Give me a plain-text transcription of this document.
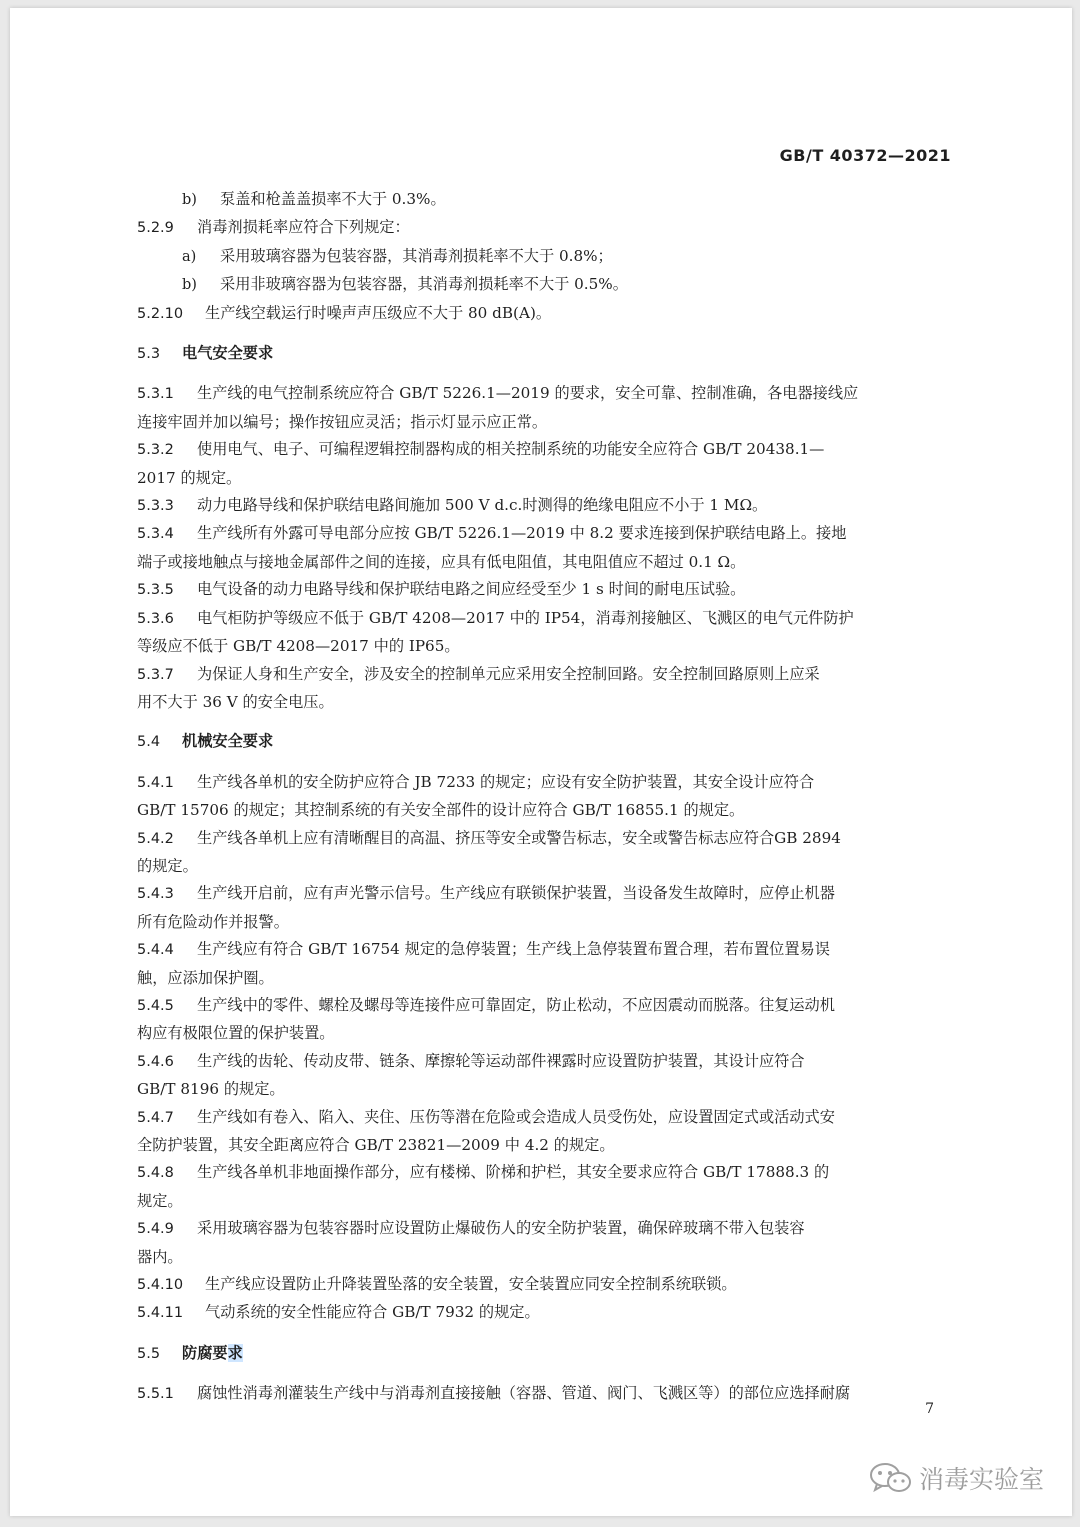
GB/T 40372—2021

b) 泵盖和枪盖盖损率不大于 0.3%。

5.2.9 消毒剂损耗率应符合下列规定：

a) 采用玻璃容器为包装容器，其消毒剂损耗率不大于 0.8%；

b) 采用非玻璃容器为包装容器，其消毒剂损耗率不大于 0.5%。

5.2.10 生产线空载运行时噪声声压级应不大于 80 dB(A)。

5.3 电气安全要求

5.3.1 生产线的电气控制系统应符合 GB/T 5226.1—2019 的要求，安全可靠、控制准确，各电器接线应

连接牢固并加以编号；操作按钮应灵活；指示灯显示应正常。

5.3.2 使用电气、电子、可编程逻辑控制器构成的相关控制系统的功能安全应符合 GB/T 20438.1—

2017 的规定。

5.3.3 动力电路导线和保护联结电路间施加 500 V d.c.时测得的绝缘电阻应不小于 1 MΩ。

5.3.4 生产线所有外露可导电部分应按 GB/T 5226.1—2019 中 8.2 要求连接到保护联结电路上。接地

端子或接地触点与接地金属部件之间的连接，应具有低电阻值，其电阻值应不超过 0.1 Ω。

5.3.5 电气设备的动力电路导线和保护联结电路之间应经受至少 1 s 时间的耐电压试验。

5.3.6 电气柜防护等级应不低于 GB/T 4208—2017 中的 IP54，消毒剂接触区、飞溅区的电气元件防护

等级应不低于 GB/T 4208—2017 中的 IP65。

5.3.7 为保证人身和生产安全，涉及安全的控制单元应采用安全控制回路。安全控制回路原则上应采

用不大于 36 V 的安全电压。

5.4 机械安全要求

5.4.1 生产线各单机的安全防护应符合 JB 7233 的规定；应设有安全防护装置，其安全设计应符合

GB/T 15706 的规定；其控制系统的有关安全部件的设计应符合 GB/T 16855.1 的规定。

5.4.2 生产线各单机上应有清晰醒目的高温、挤压等安全或警告标志，安全或警告标志应符合GB 2894

的规定。

5.4.3 生产线开启前，应有声光警示信号。生产线应有联锁保护装置，当设备发生故障时，应停止机器

所有危险动作并报警。

5.4.4 生产线应有符合 GB/T 16754 规定的急停装置；生产线上急停装置布置合理，若布置位置易误

触，应添加保护圈。

5.4.5 生产线中的零件、螺栓及螺母等连接件应可靠固定，防止松动，不应因震动而脱落。往复运动机

构应有极限位置的保护装置。

5.4.6 生产线的齿轮、传动皮带、链条、摩擦轮等运动部件裸露时应设置防护装置，其设计应符合

GB/T 8196 的规定。

5.4.7 生产线如有卷入、陷入、夹住、压伤等潜在危险或会造成人员受伤处，应设置固定式或活动式安

全防护装置，其安全距离应符合 GB/T 23821—2009 中 4.2 的规定。

5.4.8 生产线各单机非地面操作部分，应有楼梯、阶梯和护栏，其安全要求应符合 GB/T 17888.3 的

规定。

5.4.9 采用玻璃容器为包装容器时应设置防止爆破伤人的安全防护装置，确保碎玻璃不带入包装容

器内。

5.4.10 生产线应设置防止升降装置坠落的安全装置，安全装置应同安全控制系统联锁。

5.4.11 气动系统的安全性能应符合 GB/T 7932 的规定。

5.5 防腐要求

5.5.1 腐蚀性消毒剂灌装生产线中与消毒剂直接接触（容器、管道、阀门、飞溅区等）的部位应选择耐腐

7
消毒实验室
